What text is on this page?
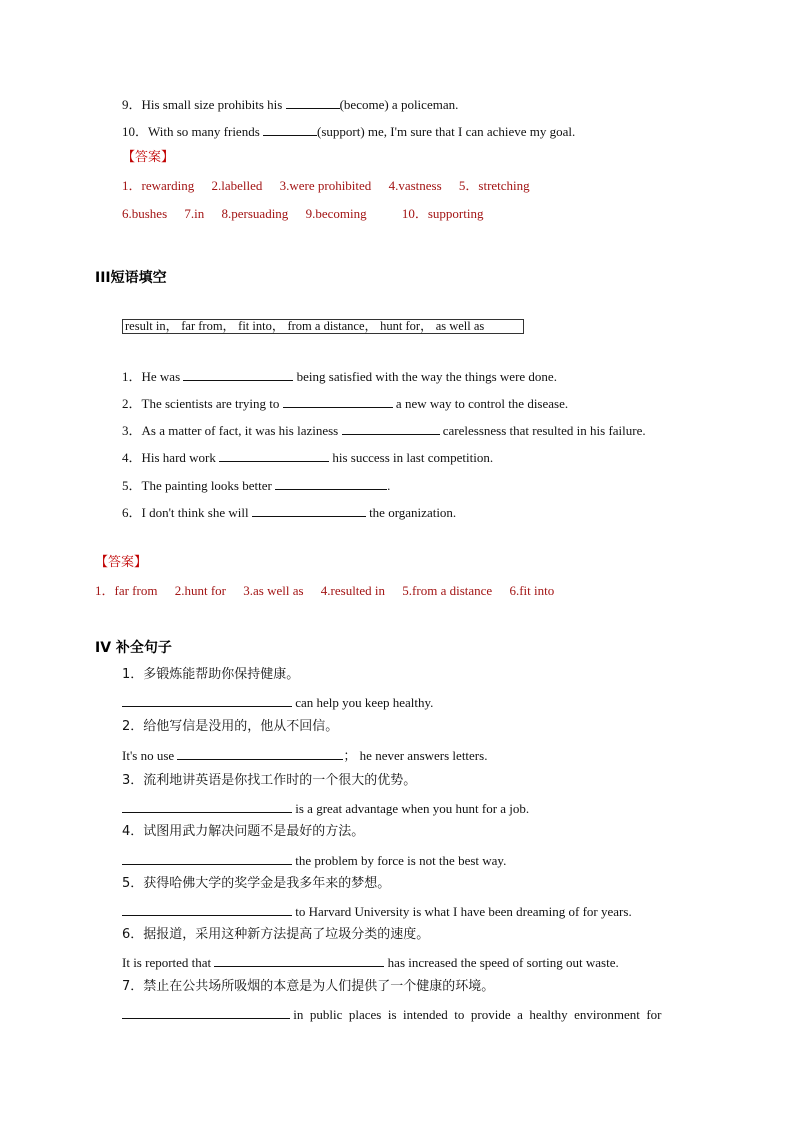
9．His small size prohibits his	(become) a policeman.
10．With so many friends	(support) me, I'm sure that I can achieve my goal.
【答案】
1．rewarding 2.labelled 3.were prohibited 4.vastness 5．stretching
6.bushes 7.in 8.persuading 9.becoming	10．supporting
III短语填空
result in， far from， fit into， from a distance， hunt for， as well as
1．He was	being satisfied with the way the things were done.
2．The scientists are trying to	a new way to control the disease.
3．As a matter of fact, it was his laziness	carelessness that resulted in his failure.
4．His hard work	his success in last competition.
5．The painting looks better	.
6．I don't think she will	the organization.
【答案】
1．far from 2.hunt for 3.as well as 4.resulted in 5.from a distance 6.fit into
IV 补全句子
1．多锻炼能帮助你保持健康。
can help you keep healthy.
2．给他写信是没用的，他从不回信。
It's no use	； he never answers letters.
3．流利地讲英语是你找工作时的一个很大的优势。
is a great advantage when you hunt for a job.
4．试图用武力解决问题不是最好的方法。
the problem by force is not the best way.
5．获得哈佛大学的奖学金是我多年来的梦想。
to Harvard University is what I have been dreaming of for years.
6．据报道，采用这种新方法提高了垃圾分类的速度。
It is reported that	has increased the speed of sorting out waste.
7．禁止在公共场所吸烟的本意是为人们提供了一个健康的环境。
in  public  places  is  intended  to  provide  a  healthy  environment  for
